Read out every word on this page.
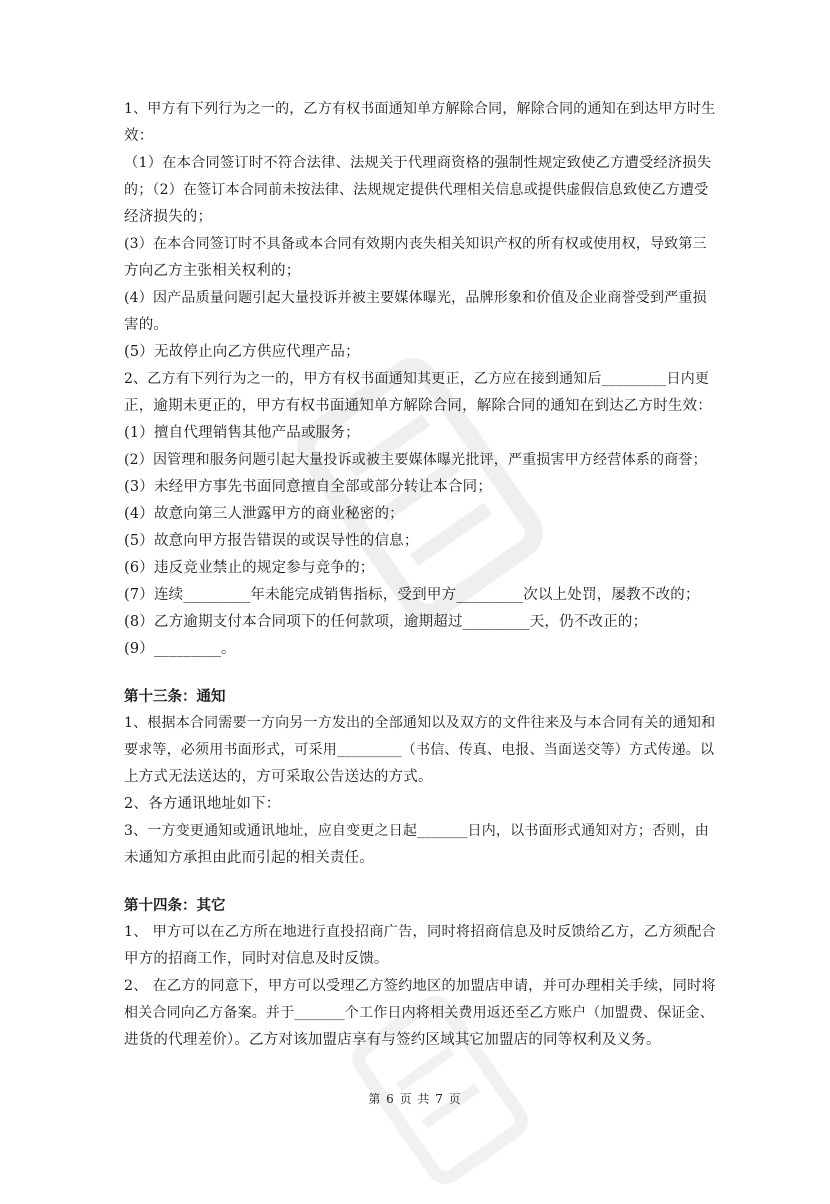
1、甲方有下列行为之一的，乙方有权书面通知单方解除合同，解除合同的通知在到达甲方时生

效：

（1）在本合同签订时不符合法律、法规关于代理商资格的强制性规定致使乙方遭受经济损失

的；（2）在签订本合同前未按法律、法规规定提供代理相关信息或提供虚假信息致使乙方遭受

经济损失的；

(3）在本合同签订时不具备或本合同有效期内丧失相关知识产权的所有权或使用权，导致第三

方向乙方主张相关权利的；

(4）因产品质量问题引起大量投诉并被主要媒体曝光，品牌形象和价值及企业商誉受到严重损

害的。

(5）无故停止向乙方供应代理产品；

2、乙方有下列行为之一的，甲方有权书面通知其更正，乙方应在接到通知后_________日内更

正，逾期未更正的，甲方有权书面通知单方解除合同，解除合同的通知在到达乙方时生效：

(1）擅自代理销售其他产品或服务；

(2）因管理和服务问题引起大量投诉或被主要媒体曝光批评，严重损害甲方经营体系的商誉；

(3）未经甲方事先书面同意擅自全部或部分转让本合同；

(4）故意向第三人泄露甲方的商业秘密的；

(5）故意向甲方报告错误的或误导性的信息；

(6）违反竞业禁止的规定参与竞争的；

(7）连续_________年未能完成销售指标，受到甲方_________次以上处罚，屡教不改的；

(8）乙方逾期支付本合同项下的任何款项，逾期超过_________天，仍不改正的；

(9）_________。

第十三条：通知

1、根据本合同需要一方向另一方发出的全部通知以及双方的文件往来及与本合同有关的通知和

要求等，必须用书面形式，可采用_________（书信、传真、电报、当面送交等）方式传递。以

上方式无法送达的，方可采取公告送达的方式。

2、各方通讯地址如下：

3、一方变更通知或通讯地址，应自变更之日起_______日内，以书面形式通知对方；否则，由

未通知方承担由此而引起的相关责任。

第十四条：其它

1、 甲方可以在乙方所在地进行直投招商广告，同时将招商信息及时反馈给乙方，乙方须配合

甲方的招商工作，同时对信息及时反馈。

2、 在乙方的同意下，甲方可以受理乙方签约地区的加盟店申请，并可办理相关手续，同时将

相关合同向乙方备案。并于_______个工作日内将相关费用返还至乙方账户（加盟费、保证金、

进货的代理差价）。乙方对该加盟店享有与签约区域其它加盟店的同等权利及义务。

第 6 页 共 7 页
